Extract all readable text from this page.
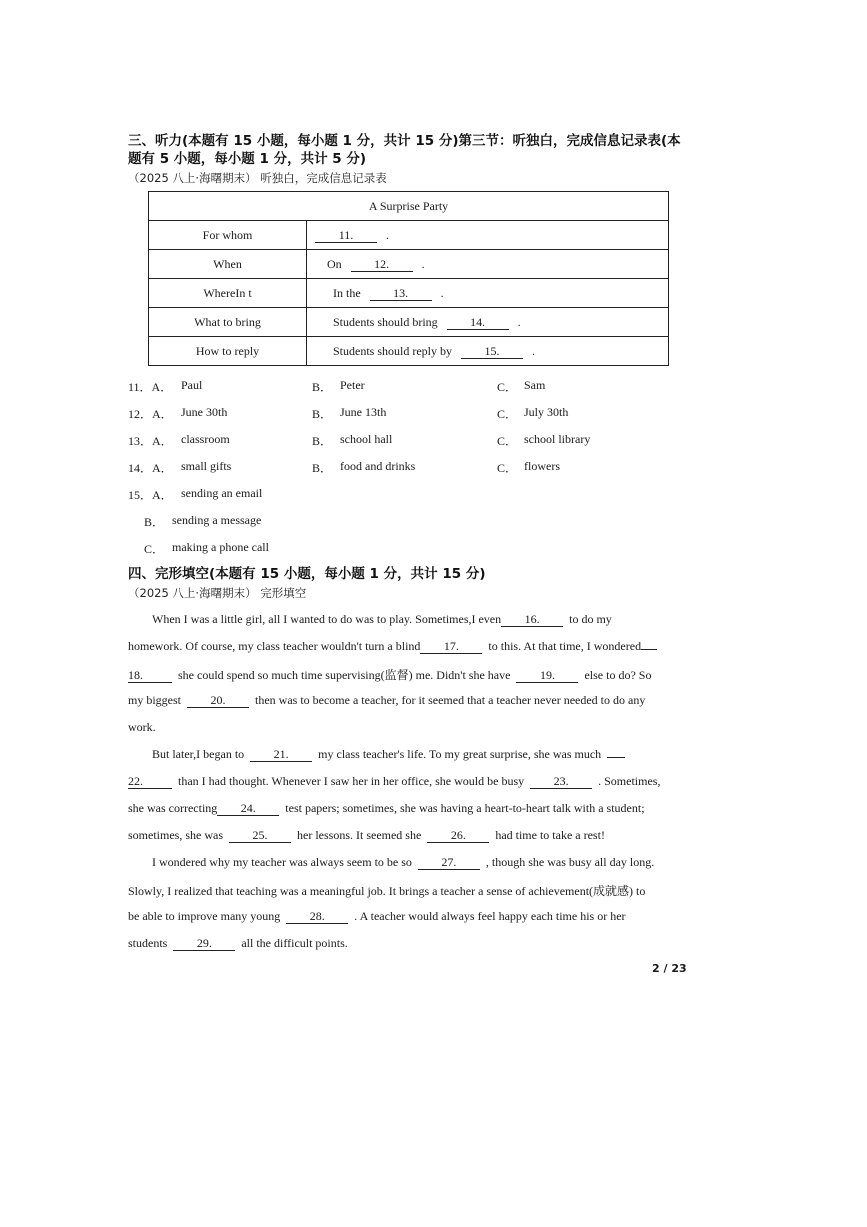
三、听力(本题有 15 小题，每小题 1 分，共计 15 分)第三节：听独白，完成信息记录表(本
题有 5 小题，每小题 1 分，共计 5 分)
（2025 八上·海曙期末） 听独白，完成信息记录表
A Surprise Party	
For whom	11. .
When	On 12. .
WhereIn t	In the 13. .
What to bring	Students should bring 14. .
How to reply	Students should reply by 15. .
11．A． Paul	B． Peter	C． Sam
12．A． June 30th	B． June 13th	C． July 30th
13．A． classroom	B． school hall	C． school library
14．A． small gifts	B． food and drinks	C． flowers
15．A． sending an email
B． sending a message
C． making a phone call
四、完形填空(本题有 15 小题，每小题 1 分，共计 15 分)
（2025 八上·海曙期末） 完形填空
When I was a little girl, all I wanted to do was to play. Sometimes,I even 16. to do my
homework. Of course, my class teacher wouldn't turn a blind 17. to this. At that time, I wondered
18.	she could spend so much time supervising(监督) me. Didn't she have 19. else to do? So
my biggest 20. then was to become a teacher, for it seemed that a teacher never needed to do any
work.
But later,I began to 21. my class teacher's life. To my great surprise, she was much
22.	than I had thought. Whenever I saw her in her office, she would be busy 23. . Sometimes,
she was correcting 24. test papers; sometimes, she was having a heart-to-heart talk with a student;
sometimes, she was 25. her lessons. It seemed she 26. had time to take a rest!
I wondered why my teacher was always seem to be so 27. , though she was busy all day long.
Slowly, I realized that teaching was a meaningful job. It brings a teacher a sense of achievement(成就感) to
be able to improve many young 28. . A teacher would always feel happy each time his or her
students 29. all the difficult points.
2 / 23
